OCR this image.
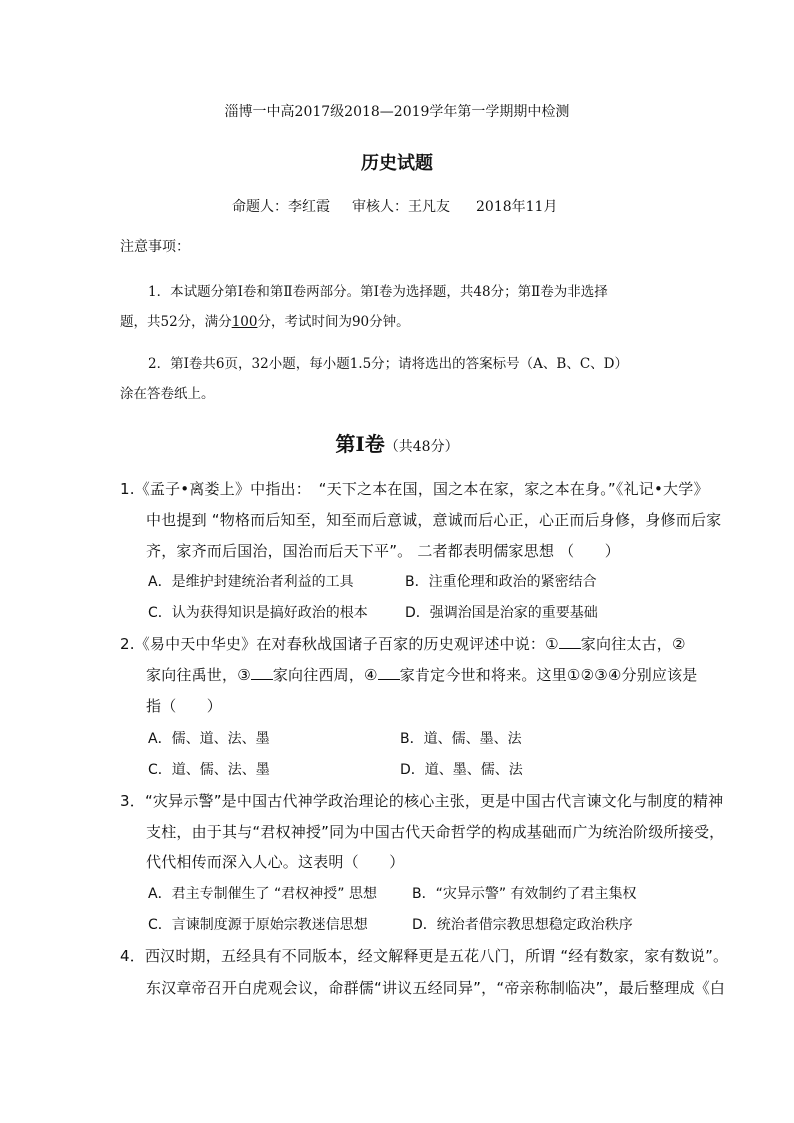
淄博一中高2017级2018—2019学年第一学期期中检测
历史试题
命题人：李红霞 审核人：王凡友 2018年11月
注意事项：
1．本试题分第Ⅰ卷和第Ⅱ卷两部分。第Ⅰ卷为选择题，共48分；第Ⅱ卷为非选择
题，共52分，满分100分，考试时间为90分钟。
2．第Ⅰ卷共6页，32小题，每小题1.5分；请将选出的答案标号（A、B、C、D）
涂在答卷纸上。
第Ⅰ卷（共48分）
1.《孟子•离娄上》中指出：　“天下之本在国，国之本在家，家之本在身。”《礼记•大学》
中也提到 “物格而后知至，知至而后意诚，意诚而后心正，心正而后身修，身修而后家
齐，家齐而后国治，国治而后天下平”。 二者都表明儒家思想 （　　）
A．是维护封建统治者利益的工具	B．注重伦理和政治的紧密结合
C．认为获得知识是搞好政治的根本	D．强调治国是治家的重要基础
2.《易中天中华史》在对春秋战国诸子百家的历史观评述中说：① 家向往太古，②
家向往禹世，③ 家向往西周，④ 家肯定今世和将来。这里①②③④分别应该是
指（　　）
A．儒、道、法、墨	B．道、儒、墨、法
C．道、儒、法、墨	D．道、墨、儒、法
3．“灾异示警”是中国古代神学政治理论的核心主张，更是中国古代言谏文化与制度的精神
支柱，由于其与“君权神授”同为中国古代天命哲学的构成基础而广为统治阶级所接受，
代代相传而深入人心。这表明（　　）
A．君主专制催生了 “君权神授” 思想	B．“灾异示警” 有效制约了君主集权
C．言谏制度源于原始宗教迷信思想	D．统治者借宗教思想稳定政治秩序
4．西汉时期，五经具有不同版本，经文解释更是五花八门，所谓 “经有数家，家有数说”。
东汉章帝召开白虎观会议，命群儒“讲议五经同异”，“帝亲称制临决”，最后整理成《白
